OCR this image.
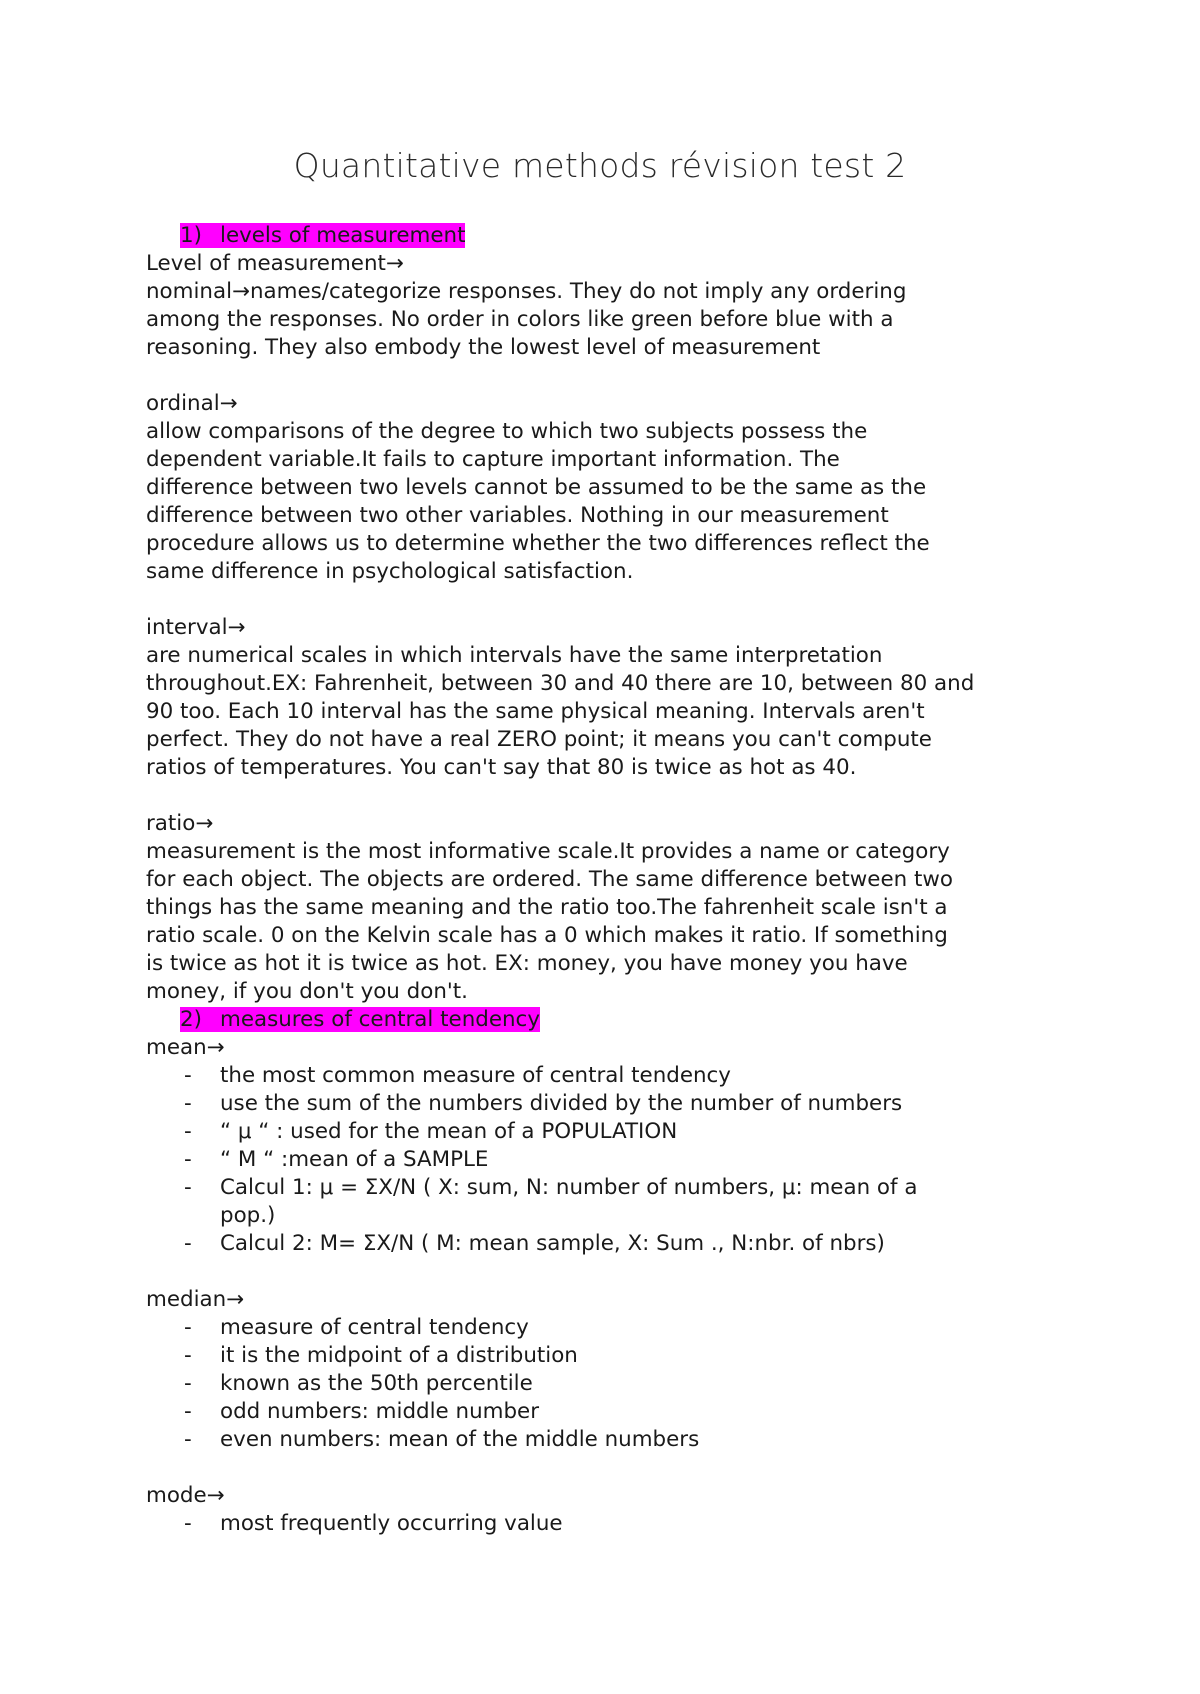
Quantitative methods révision test 2
1) levels of measurement
Level of measurement→
nominal→names/categorize responses. They do not imply any ordering
among the responses. No order in colors like green before blue with a
reasoning. They also embody the lowest level of measurement
ordinal→
allow comparisons of the degree to which two subjects possess the
dependent variable.It fails to capture important information. The
difference between two levels cannot be assumed to be the same as the
difference between two other variables. Nothing in our measurement
procedure allows us to determine whether the two differences reflect the
same difference in psychological satisfaction.
interval→
are numerical scales in which intervals have the same interpretation
throughout.EX: Fahrenheit, between 30 and 40 there are 10, between 80 and
90 too. Each 10 interval has the same physical meaning. Intervals aren't
perfect. They do not have a real ZERO point; it means you can't compute
ratios of temperatures. You can't say that 80 is twice as hot as 40.
ratio→
measurement is the most informative scale.It provides a name or category
for each object. The objects are ordered. The same difference between two
things has the same meaning and the ratio too.The fahrenheit scale isn't a
ratio scale. 0 on the Kelvin scale has a 0 which makes it ratio. If something
is twice as hot it is twice as hot. EX: money, you have money you have
money, if you don't you don't.
2) measures of central tendency
mean→
- the most common measure of central tendency
- use the sum of the numbers divided by the number of numbers
- “ μ “ : used for the mean of a POPULATION
- “ M “ :mean of a SAMPLE
- Calcul 1: μ = ΣX/N ( X: sum, N: number of numbers, μ: mean of a
pop.)
- Calcul 2: M= ΣX/N ( M: mean sample, X: Sum ., N:nbr. of nbrs)
median→
- measure of central tendency
- it is the midpoint of a distribution
- known as the 50th percentile
- odd numbers: middle number
- even numbers: mean of the middle numbers
mode→
- most frequently occurring value
